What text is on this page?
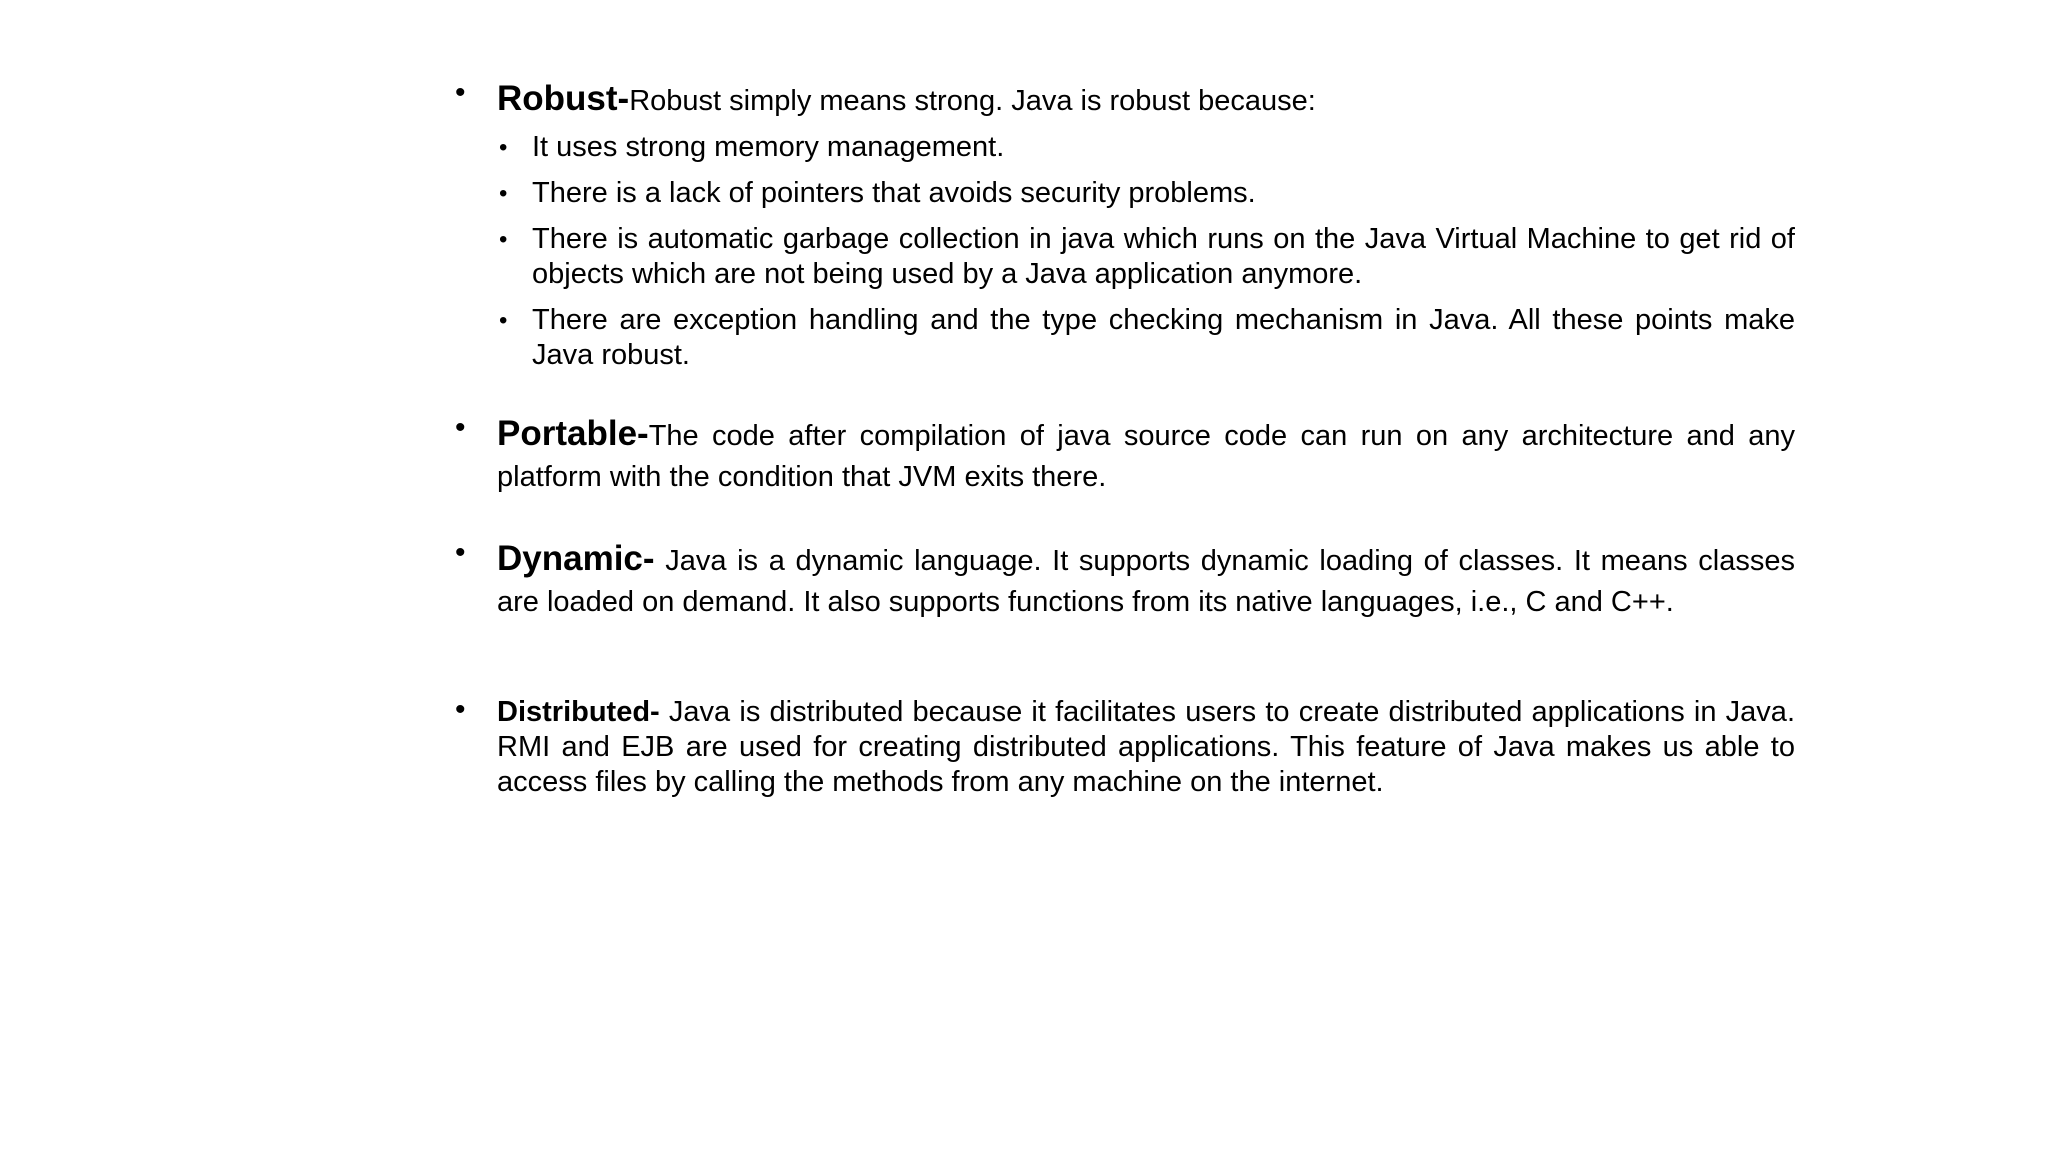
• Robust-Robust simply means strong. Java is robust because:
• It uses strong memory management.
• There is a lack of pointers that avoids security problems.
• There is automatic garbage collection in java which runs on the Java Virtual Machine to get rid of objects which are not being used by a Java application anymore.
• There are exception handling and the type checking mechanism in Java. All these points make Java robust.
• Portable-The code after compilation of java source code can run on any architecture and any platform with the condition that JVM exits there.
• Dynamic- Java is a dynamic language. It supports dynamic loading of classes. It means classes are loaded on demand. It also supports functions from its native languages, i.e., C and C++.
• Distributed- Java is distributed because it facilitates users to create distributed applications in Java. RMI and EJB are used for creating distributed applications. This feature of Java makes us able to access files by calling the methods from any machine on the internet.
